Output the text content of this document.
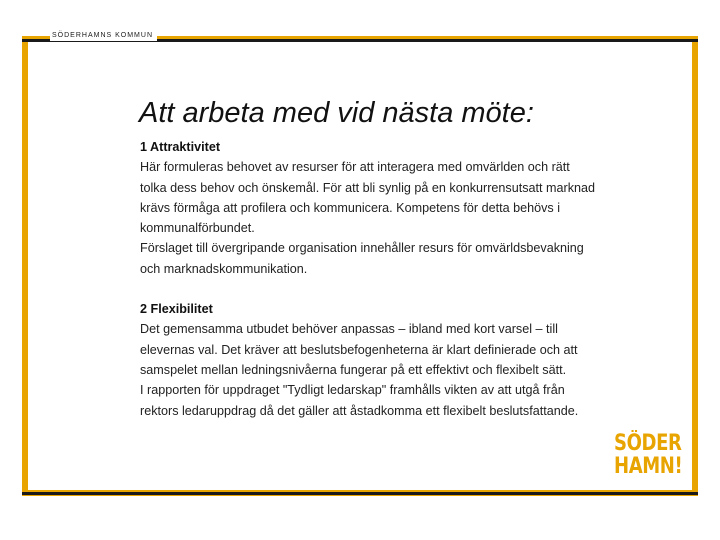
SÖDERHAMNS KOMMUN
Att arbeta med vid nästa möte:
1 Attraktivitet
Här formuleras behovet av resurser för att interagera med omvärlden och rätt
tolka dess behov och önskemål. För att bli synlig på en konkurrensutsatt marknad
krävs förmåga att profilera och kommunicera. Kompetens för detta behövs i
kommunalförbundet.
Förslaget till övergripande organisation innehåller resurs för omvärldsbevakning
och marknadskommunikation.
2 Flexibilitet
Det gemensamma utbudet behöver anpassas – ibland med kort varsel – till
elevernas val. Det kräver att beslutsbefogenheterna är klart definierade och att
samspelet mellan ledningsnivåerna fungerar på ett effektivt och flexibelt sätt.
I rapporten för uppdraget "Tydligt ledarskap" framhålls vikten av att utgå från
rektors ledaruppdrag då det gäller att åstadkomma ett flexibelt beslutsfattande.
SÖDER
HAMN!
